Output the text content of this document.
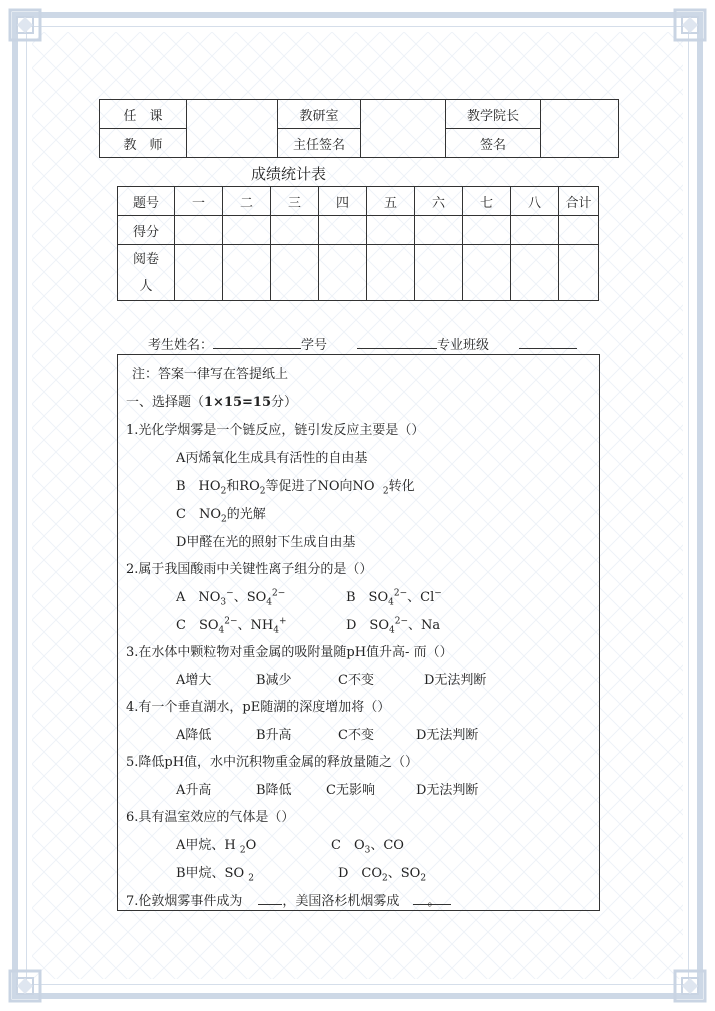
任　课		教研室		教学院长	
教　师		主任签名		签名	
成绩统计表
题号	一	二	三	四	五	六	七	八	合计
得分									
阅卷
人									
考生姓名：	学号	专业班级
注：答案一律写在答提纸上
一、选择题（1×15=15分）
1.光化学烟雾是一个链反应，链引发反应主要是（）
A丙烯氧化生成具有活性的自由基
B　$HO_2$和$RO_2$等促进了NO向NO $_2$转化
C　$NO_2$的光解
D甲醛在光的照射下生成自由基
2.属于我国酸雨中关键性离子组分的是（）
A　$NO_3^-$、$SO_4^{2-}$	B　$SO_4^{2-}$、Cl−
C　$SO_4^{2-}$、$NH_4^+$	D　$SO_4^{2-}$、Na
3.在水体中颗粒物对重金属的吸附量随pH值升高- 而（）
A增大	B减少	C不变	D无法判断
4.有一个垂直湖水，pE随湖的深度增加将（）
A降低	B升高	C不变	D无法判断
5.降低pH值，水中沉积物重金属的释放量随之（）
A升高	B降低	C无影响	D无法判断
6.具有温室效应的气体是（）
A甲烷、H $_2$O	C　$O_3$、CO
B甲烷、SO $_2$	D　$CO_2$、$SO_2$
7.伦敦烟雾事件成为	，美国洛杉机烟雾成 。
